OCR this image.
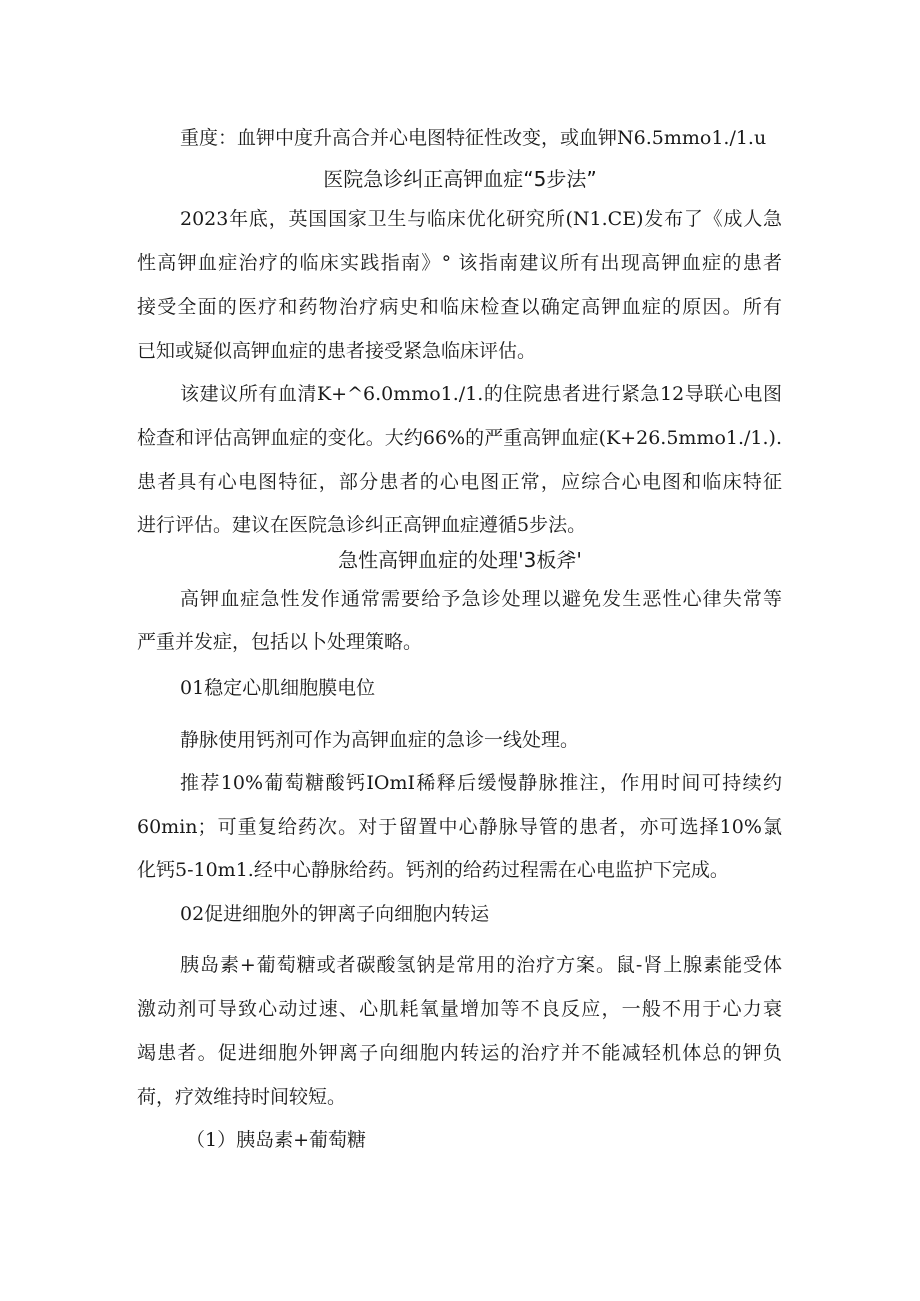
重度：血钾中度升高合并心电图特征性改变，或血钾N6.5mmo1./1.u
医院急诊纠正高钾血症“5步法”
2023年底，英国国家卫生与临床优化研究所(N1.CE)发布了《成人急
性高钾血症治疗的临床实践指南》° 该指南建议所有出现高钾血症的患者
接受全面的医疗和药物治疗病史和临床检查以确定高钾血症的原因。所有
已知或疑似高钾血症的患者接受紧急临床评估。
该建议所有血清K+^6.0mmo1./1.的住院患者进行紧急12导联心电图
检查和评估高钾血症的变化。大约66%的严重高钾血症(K+26.5mmo1./1.).
患者具有心电图特征，部分患者的心电图正常，应综合心电图和临床特征
进行评估。建议在医院急诊纠正高钾血症遵循5步法。
急性高钾血症的处理'3板斧'
高钾血症急性发作通常需要给予急诊处理以避免发生恶性心律失常等
严重并发症，包括以卜处理策略。
01稳定心肌细胞膜电位
静脉使用钙剂可作为高钾血症的急诊一线处理。
推荐10%葡萄糖酸钙IOmI稀释后缓慢静脉推注，作用时间可持续约
60min；可重复给药次。对于留置中心静脉导管的患者，亦可选择10%氯
化钙5-10m1.经中心静脉给药。钙剂的给药过程需在心电监护下完成。
02促进细胞外的钾离子向细胞内转运
胰岛素+葡萄糖或者碳酸氢钠是常用的治疗方案。鼠-肾上腺素能受体
激动剂可导致心动过速、心肌耗氧量增加等不良反应，一般不用于心力衰
竭患者。促进细胞外钾离子向细胞内转运的治疗并不能减轻机体总的钾负
荷，疗效维持时间较短。
（1）胰岛素+葡萄糖
